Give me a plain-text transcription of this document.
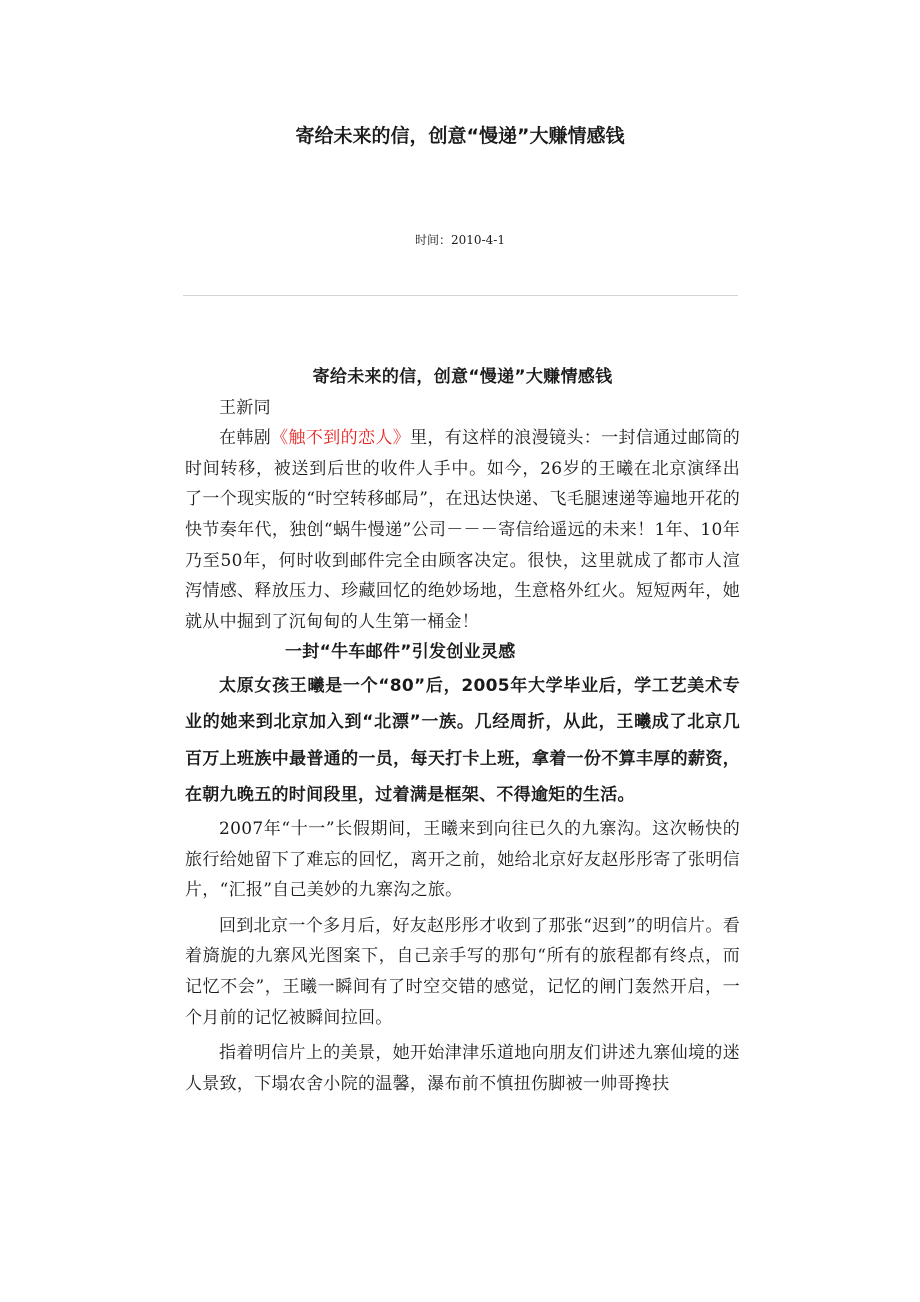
寄给未来的信，创意“慢递”大赚情感钱
时间：2010-4-1

寄给未来的信，创意“慢递”大赚情感钱

王新同

在韩剧《触不到的恋人》里，有这样的浪漫镜头：一封信通过邮筒的时间转移，被送到后世的收件人手中。如今，26岁的王曦在北京演绎出了一个现实版的“时空转移邮局”，在迅达快递、飞毛腿速递等遍地开花的快节奏年代，独创“蜗牛慢递”公司－－－寄信给遥远的未来！1年、10年乃至50年，何时收到邮件完全由顾客决定。很快，这里就成了都市人渲泻情感、释放压力、珍藏回忆的绝妙场地，生意格外红火。短短两年，她就从中掘到了沉甸甸的人生第一桶金！

一封“牛车邮件”引发创业灵感

太原女孩王曦是一个“80”后，2005年大学毕业后，学工艺美术专业的她来到北京加入到“北漂”一族。几经周折，从此，王曦成了北京几百万上班族中最普通的一员，每天打卡上班，拿着一份不算丰厚的薪资，在朝九晚五的时间段里，过着满是框架、不得逾矩的生活。

2007年“十一”长假期间，王曦来到向往已久的九寨沟。这次畅快的旅行给她留下了难忘的回忆，离开之前，她给北京好友赵彤彤寄了张明信片，“汇报”自己美妙的九寨沟之旅。

回到北京一个多月后，好友赵彤彤才收到了那张“迟到”的明信片。看着旖旎的九寨风光图案下，自己亲手写的那句“所有的旅程都有终点，而记忆不会”，王曦一瞬间有了时空交错的感觉，记忆的闸门轰然开启，一个月前的记忆被瞬间拉回。

指着明信片上的美景，她开始津津乐道地向朋友们讲述九寨仙境的迷人景致，下塌农舍小院的温馨，瀑布前不慎扭伤脚被一帅哥搀扶
